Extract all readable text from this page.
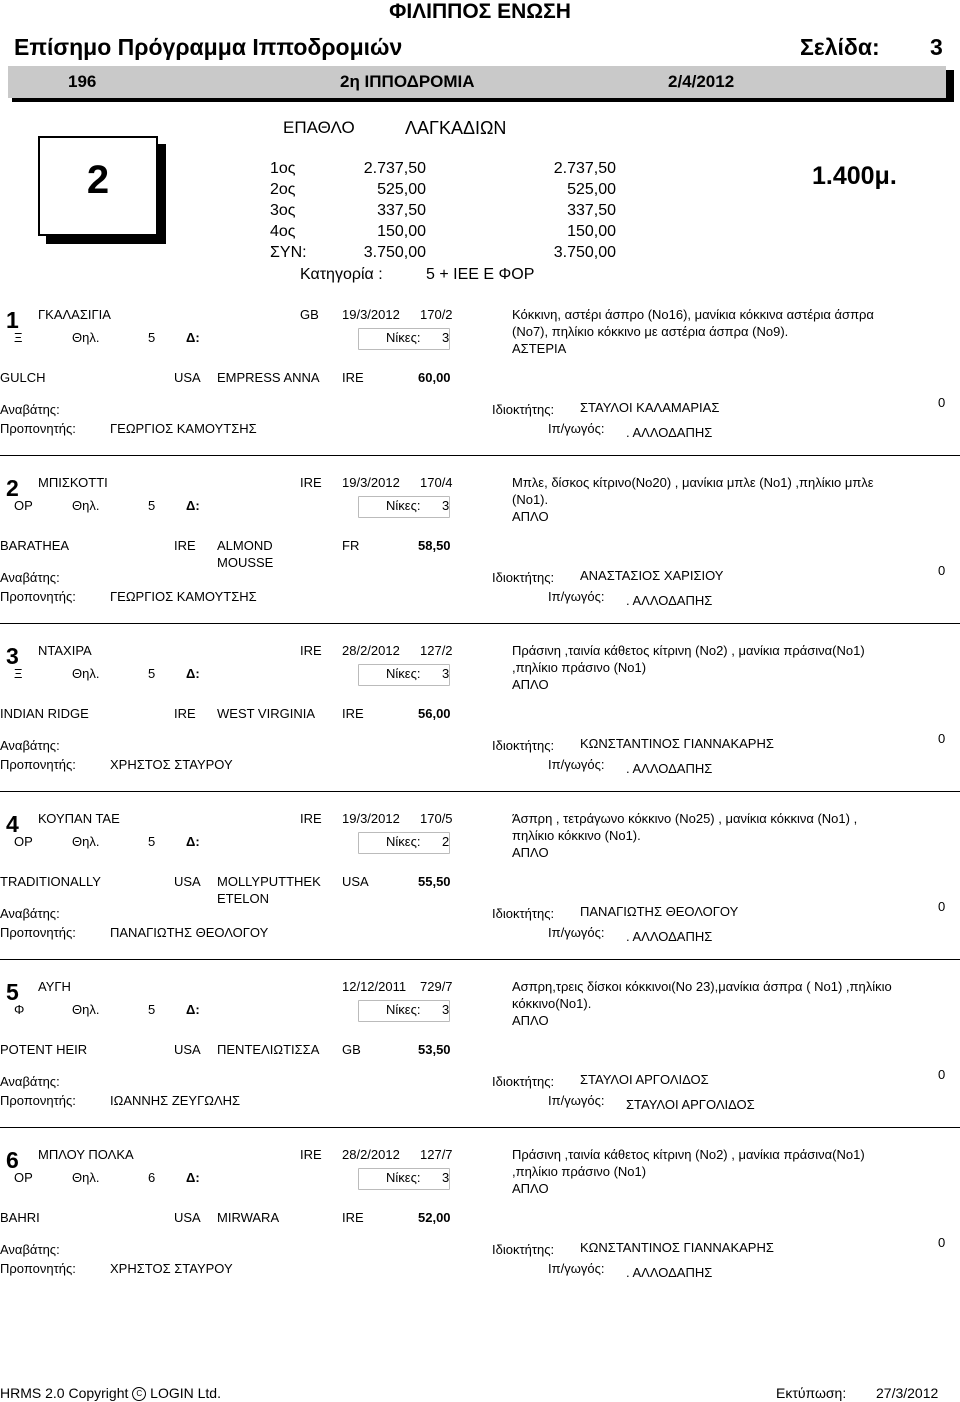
ΦΙΛΙΠΠΟΣ ΕΝΩΣΗ
Επίσημο Πρόγραμμα Ιπποδρομιών	Σελίδα: 3
196	2η ΙΠΠΟΔΡΟΜΙΑ	2/4/2012
2
ΕΠΑΘΛΟ	ΛΑΓΚΑΔΙΩΝ
1.400μ.
1ος	2.737,50	2.737,50
2ος	525,00	525,00
3ος	337,50	337,50
4ος	150,00	150,00
ΣΥΝ:	3.750,00	3.750,00
Κατηγορία :	5 + ΙΕΕ Ε ΦΟΡ
1 ΓΚΑΛΑΣΙΓΙΑ	GB 19/3/2012 170/2
Ξ	Θηλ.	5 Δ:	Νίκες: 3
Κόκκινη, αστέρι άσπρο (Νο16), μανίκια κόκκινα αστέρια άσπρα
(Νο7), πηλίκιο κόκκινο με αστέρια άσπρα (Νο9).
ΑΣΤΕΡΙΑ
GULCH	USA EMPRESS ANNA IRE	60,00
Αναβάτης:
Προπονητής:	ΓΕΩΡΓΙΟΣ ΚΑΜΟΥΤΣΗΣ
Ιδιοκτήτης: ΣΤΑΥΛΟΙ ΚΑΛΑΜΑΡΙΑΣ
Ιπ/γωγός: . ΑΛΛΟΔΑΠΗΣ
0
2 ΜΠΙΣΚΟΤΤΙ	IRE 19/3/2012 170/4
ΟΡ	Θηλ.	5 Δ:	Νίκες: 3
Μπλε, δίσκος κίτρινο(Νο20) , μανίκια μπλε (Νο1) ,πηλίκιο μπλε
(Νο1).
ΑΠΛΟ
BARATHEA	IRE ALMOND
MOUSSE
FR	58,50
Αναβάτης:
Προπονητής:	ΓΕΩΡΓΙΟΣ ΚΑΜΟΥΤΣΗΣ
Ιδιοκτήτης: ΑΝΑΣΤΑΣΙΟΣ ΧΑΡΙΣΙΟΥ
Ιπ/γωγός: . ΑΛΛΟΔΑΠΗΣ
0
3 ΝΤΑΧΙΡΑ	IRE 28/2/2012 127/2
Ξ	Θηλ.	5 Δ:	Νίκες: 3
Πράσινη ,ταινία κάθετος κίτρινη (Νο2) , μανίκια πράσινα(Νο1)
,πηλίκιο πράσινο (Νο1)
ΑΠΛΟ
INDIAN RIDGE	IRE WEST VIRGINIA IRE	56,00
Αναβάτης:
Προπονητής:	ΧΡΗΣΤΟΣ ΣΤΑΥΡΟΥ
Ιδιοκτήτης: ΚΩΝΣΤΑΝΤΙΝΟΣ ΓΙΑΝΝΑΚΑΡΗΣ
Ιπ/γωγός: . ΑΛΛΟΔΑΠΗΣ
0
4 ΚΟΥΠΑΝ ΤΑΕ	IRE 19/3/2012 170/5
ΟΡ	Θηλ.	5 Δ:	Νίκες: 2
Άσπρη , τετράγωνο κόκκινο (Νο25) , μανίκια κόκκινα (Νο1) ,
πηλίκιο κόκκινο (Νο1).
ΑΠΛΟ
TRADITIONALLY	USA MOLLYPUTTHEK
ETELON
USA	55,50
Αναβάτης:
Προπονητής:	ΠΑΝΑΓΙΩΤΗΣ ΘΕΟΛΟΓΟΥ
Ιδιοκτήτης: ΠΑΝΑΓΙΩΤΗΣ ΘΕΟΛΟΓΟΥ
Ιπ/γωγός: . ΑΛΛΟΔΑΠΗΣ
0
5 ΑΥΓΗ	12/12/2011 729/7
Φ	Θηλ.	5 Δ:	Νίκες: 3
Ασπρη,τρεις δίσκοι κόκκινοι(Νο 23),μανίκια άσπρα ( Νο1) ,πηλίκιο
κόκκινο(Νο1).
ΑΠΛΟ
POTENT HEIR	USA ΠΕΝΤΕΛΙΩΤΙΣΣΑ GB	53,50
Αναβάτης:
Προπονητής:	ΙΩΑΝΝΗΣ ΖΕΥΓΩΛΗΣ
Ιδιοκτήτης: ΣΤΑΥΛΟΙ ΑΡΓΟΛΙΔΟΣ
Ιπ/γωγός: ΣΤΑΥΛΟΙ ΑΡΓΟΛΙΔΟΣ
0
6 ΜΠΛΟΥ ΠΟΛΚΑ	IRE 28/2/2012 127/7
ΟΡ	Θηλ.	6 Δ:	Νίκες: 3
Πράσινη ,ταινία κάθετος κίτρινη (Νο2) , μανίκια πράσινα(Νο1)
,πηλίκιο πράσινο (Νο1)
ΑΠΛΟ
BAHRI	USA MIRWARA	IRE	52,00
Αναβάτης:
Προπονητής:	ΧΡΗΣΤΟΣ ΣΤΑΥΡΟΥ
Ιδιοκτήτης: ΚΩΝΣΤΑΝΤΙΝΟΣ ΓΙΑΝΝΑΚΑΡΗΣ
Ιπ/γωγός: . ΑΛΛΟΔΑΠΗΣ
0
HRMS 2.0 Copyright C LOGIN Ltd.	Εκτύπωση: 27/3/2012
